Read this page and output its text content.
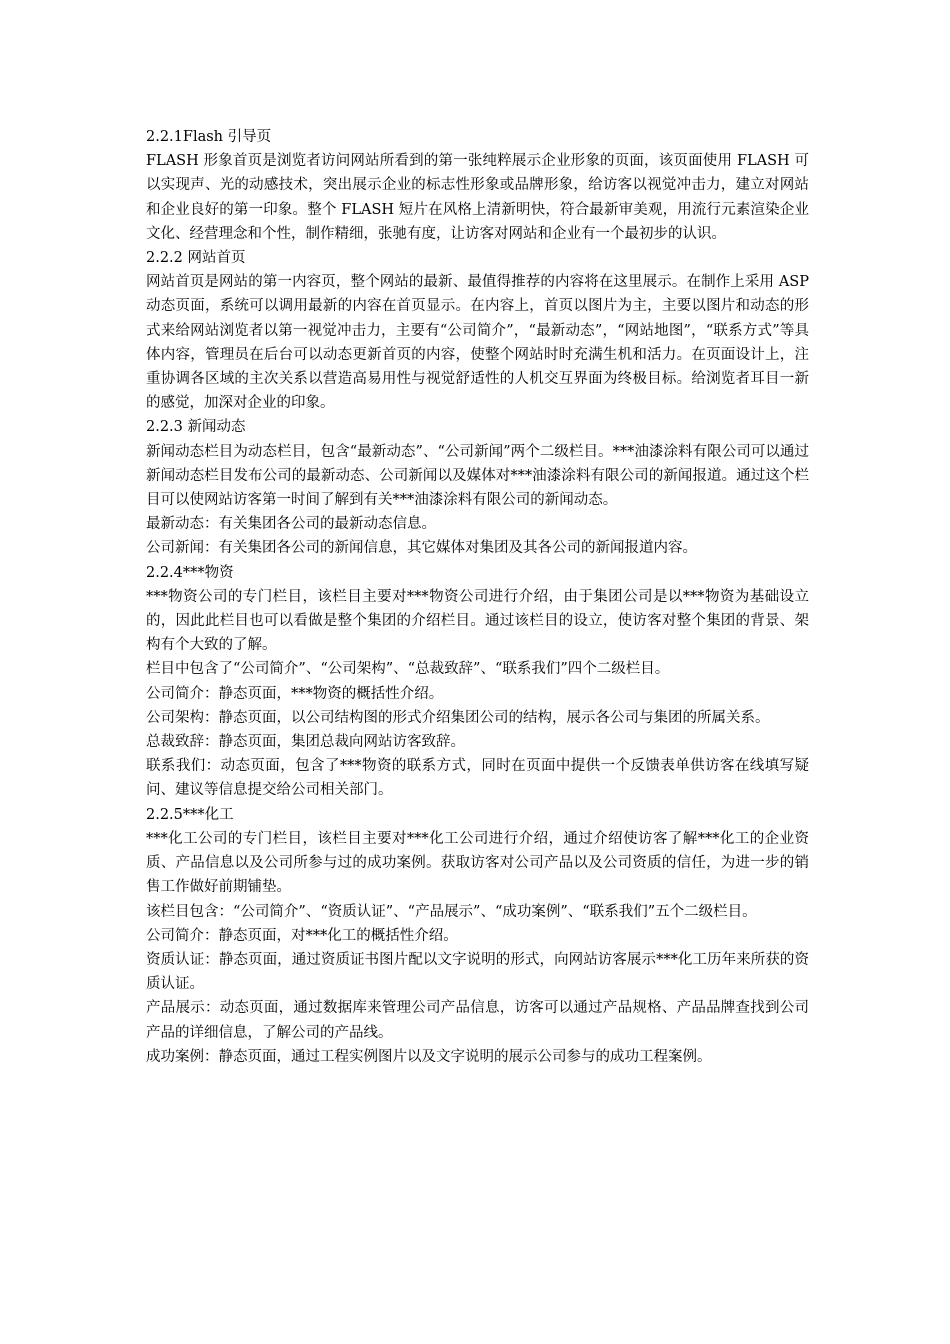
2.2.1Flash 引导页

FLASH 形象首页是浏览者访问网站所看到的第一张纯粹展示企业形象的页面，该页面使用 FLASH 可以实现声、光的动感技术，突出展示企业的标志性形象或品牌形象，给访客以视觉冲击力，建立对网站和企业良好的第一印象。整个 FLASH 短片在风格上清新明快，符合最新审美观，用流行元素渲染企业文化、经营理念和个性，制作精细，张驰有度，让访客对网站和企业有一个最初步的认识。

2.2.2 网站首页

网站首页是网站的第一内容页，整个网站的最新、最值得推荐的内容将在这里展示。在制作上采用 ASP 动态页面，系统可以调用最新的内容在首页显示。在内容上，首页以图片为主，主要以图片和动态的形式来给网站浏览者以第一视觉冲击力，主要有“公司简介”，“最新动态”，“网站地图”，“联系方式”等具体内容，管理员在后台可以动态更新首页的内容，使整个网站时时充满生机和活力。在页面设计上，注重协调各区域的主次关系以营造高易用性与视觉舒适性的人机交互界面为终极目标。给浏览者耳目一新的感觉，加深对企业的印象。

2.2.3 新闻动态

新闻动态栏目为动态栏目，包含“最新动态”、“公司新闻”两个二级栏目。***油漆涂料有限公司可以通过新闻动态栏目发布公司的最新动态、公司新闻以及媒体对***油漆涂料有限公司的新闻报道。通过这个栏目可以使网站访客第一时间了解到有关***油漆涂料有限公司的新闻动态。

最新动态：有关集团各公司的最新动态信息。

公司新闻：有关集团各公司的新闻信息，其它媒体对集团及其各公司的新闻报道内容。

2.2.4***物资

***物资公司的专门栏目，该栏目主要对***物资公司进行介绍，由于集团公司是以***物资为基础设立的，因此此栏目也可以看做是整个集团的介绍栏目。通过该栏目的设立，使访客对整个集团的背景、架构有个大致的了解。

栏目中包含了“公司简介”、“公司架构”、“总裁致辞”、“联系我们”四个二级栏目。

公司简介：静态页面，***物资的概括性介绍。

公司架构：静态页面，以公司结构图的形式介绍集团公司的结构，展示各公司与集团的所属关系。

总裁致辞：静态页面，集团总裁向网站访客致辞。

联系我们：动态页面，包含了***物资的联系方式，同时在页面中提供一个反馈表单供访客在线填写疑问、建议等信息提交给公司相关部门。

2.2.5***化工

***化工公司的专门栏目，该栏目主要对***化工公司进行介绍，通过介绍使访客了解***化工的企业资质、产品信息以及公司所参与过的成功案例。获取访客对公司产品以及公司资质的信任，为进一步的销售工作做好前期铺垫。

该栏目包含：“公司简介”、“资质认证”、“产品展示”、“成功案例”、“联系我们”五个二级栏目。

公司简介：静态页面，对***化工的概括性介绍。

资质认证：静态页面，通过资质证书图片配以文字说明的形式，向网站访客展示***化工历年来所获的资质认证。

产品展示：动态页面，通过数据库来管理公司产品信息，访客可以通过产品规格、产品品牌查找到公司产品的详细信息，了解公司的产品线。

成功案例：静态页面，通过工程实例图片以及文字说明的展示公司参与的成功工程案例。
